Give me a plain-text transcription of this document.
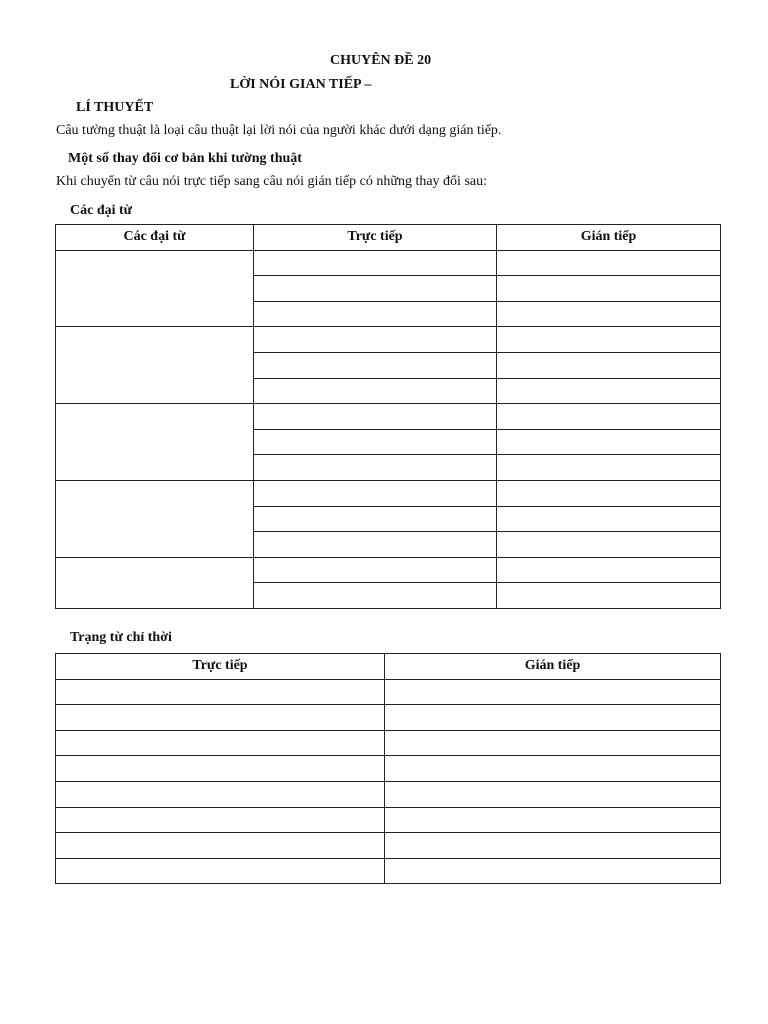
CHUYÊN ĐỀ 20
LỜI NÓI GIAN TIẾP –
LÍ THUYẾT
Câu tường thuật là loại câu thuật lại lời nói của người khác dưới dạng gián tiếp.
Một số thay đổi cơ bản khi tường thuật
Khi chuyển từ câu nói trực tiếp sang câu nói gián tiếp có những thay đổi sau:
Các đại từ
Các đại từ	Trực tiếp	Gián tiếp

Trạng từ chỉ thời
Trực tiếp	Gián tiếp
